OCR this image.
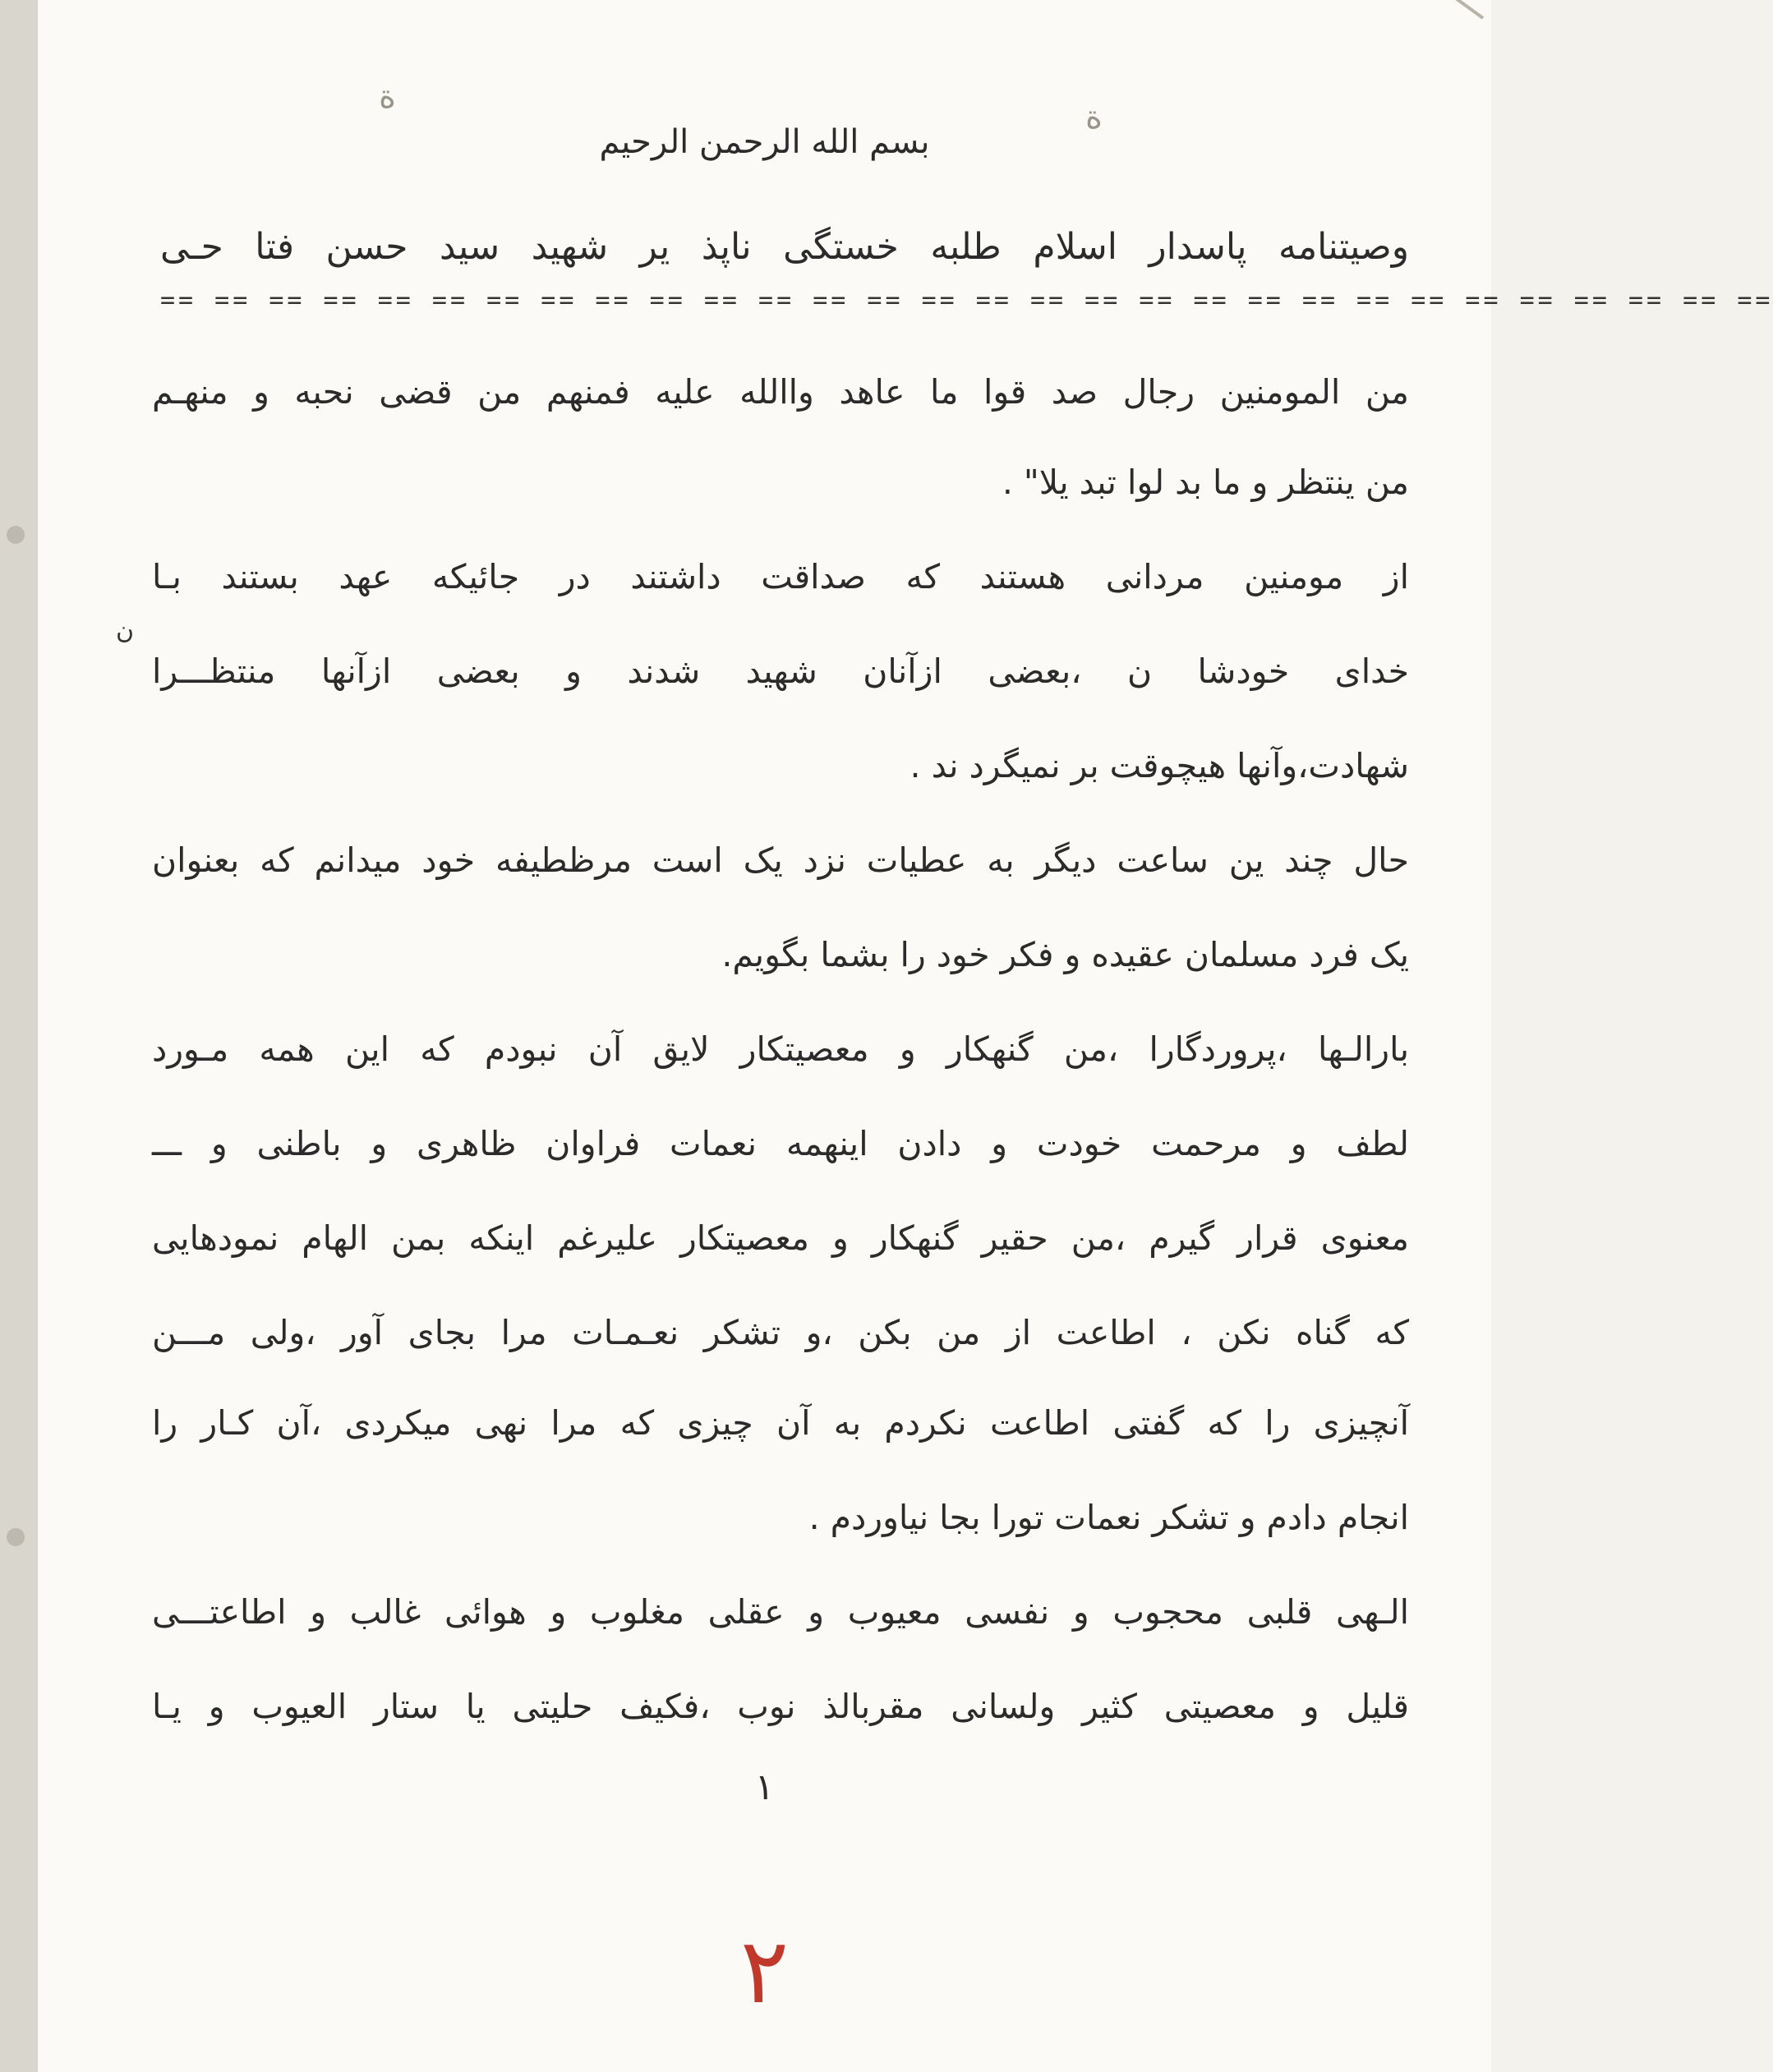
ة
ة
بسم الله الرحمن الرحیم
وصیتنامه پاسدار اسلام طلبه خستگی ناپذ یر شهید سید حسن فتا حـی
== == == == == == == == == == == == == == == == == == == == == == == == == == == == == ==
من المومنین رجال صد قوا ما عاهد واالله علیه فمنهم من قضی نحبه و منهـم
من ینتظر و ما بد لوا تبد یلا" .
از مومنین مردانی هستند که صداقت داشتند در جائیکه عهد بستند بـا
ن
خدای خودشا ن ،بعضی ازآنان شهید شدند و بعضی ازآنها منتظـــرا
شهادت،وآنها هیچوقت بر نمیگرد ند .
حال چند ین ساعت دیگر به عطیات نزد یک است مرظطیفه خود میدانم که بعنوان
یک فرد مسلمان عقیده و فکر خود را بشما بگویم.
بارالـها ،پروردگارا ،من گنهکار و معصیتکار لایق آن نبودم که این همه مـورد
لطف و مرحمت خودت و دادن اینهمه نعمات فراوان ظاهری و باطنی و ـــ
معنوی قرار گیرم ،من حقیر گنهکار و معصیتکار علیرغم اینکه بمن الهام نمودهایی
که گناه نکن ، اطاعت از من بکن ،و تشکر نعـمـات مرا بجای آور ،ولی مـــن
آنچیزی را که گفتی اطاعت نکردم به آن چیزی که مرا نهی میکردی ،آن کـار را
انجام دادم و تشکر نعمات تورا بجا نیاوردم .
الـهی قلبی محجوب و نفسی معیوب و عقلی مغلوب و هوائی غالب و اطاعتـــی
قلیل و معصیتی کثیر ولسانی مقربالذ نوب ،فکیف حلیتی یا ستار العیوب و یـا
۱
۲
